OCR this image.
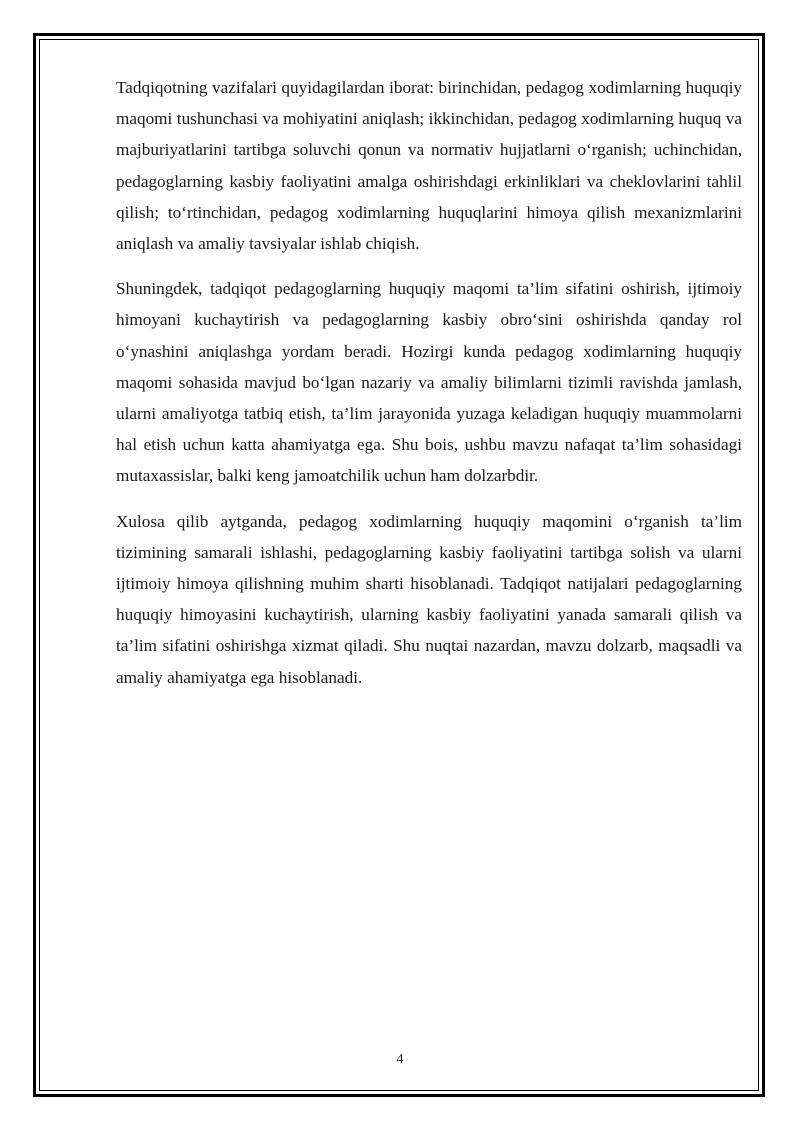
Tadqiqotning vazifalari quyidagilardan iborat: birinchidan, pedagog xodimlarning huquqiy maqomi tushunchasi va mohiyatini aniqlash; ikkinchidan, pedagog xodimlarning huquq va majburiyatlarini tartibga soluvchi qonun va normativ hujjatlarni o‘rganish; uchinchidan, pedagoglarning kasbiy faoliyatini amalga oshirishdagi erkinliklari va cheklovlarini tahlil qilish; to‘rtinchidan, pedagog xodimlarning huquqlarini himoya qilish mexanizmlarini aniqlash va amaliy tavsiyalar ishlab chiqish.

Shuningdek, tadqiqot pedagoglarning huquqiy maqomi ta’lim sifatini oshirish, ijtimoiy himoyani kuchaytirish va pedagoglarning kasbiy obro‘sini oshirishda qanday rol o‘ynashini aniqlashga yordam beradi. Hozirgi kunda pedagog xodimlarning huquqiy maqomi sohasida mavjud bo‘lgan nazariy va amaliy bilimlarni tizimli ravishda jamlash, ularni amaliyotga tatbiq etish, ta’lim jarayonida yuzaga keladigan huquqiy muammolarni hal etish uchun katta ahamiyatga ega. Shu bois, ushbu mavzu nafaqat ta’lim sohasidagi mutaxassislar, balki keng jamoatchilik uchun ham dolzarbdir.

Xulosa qilib aytganda, pedagog xodimlarning huquqiy maqomini o‘rganish ta’lim tizimining samarali ishlashi, pedagoglarning kasbiy faoliyatini tartibga solish va ularni ijtimoiy himoya qilishning muhim sharti hisoblanadi. Tadqiqot natijalari pedagoglarning huquqiy himoyasini kuchaytirish, ularning kasbiy faoliyatini yanada samarali qilish va ta’lim sifatini oshirishga xizmat qiladi. Shu nuqtai nazardan, mavzu dolzarb, maqsadli va amaliy ahamiyatga ega hisoblanadi.

4
